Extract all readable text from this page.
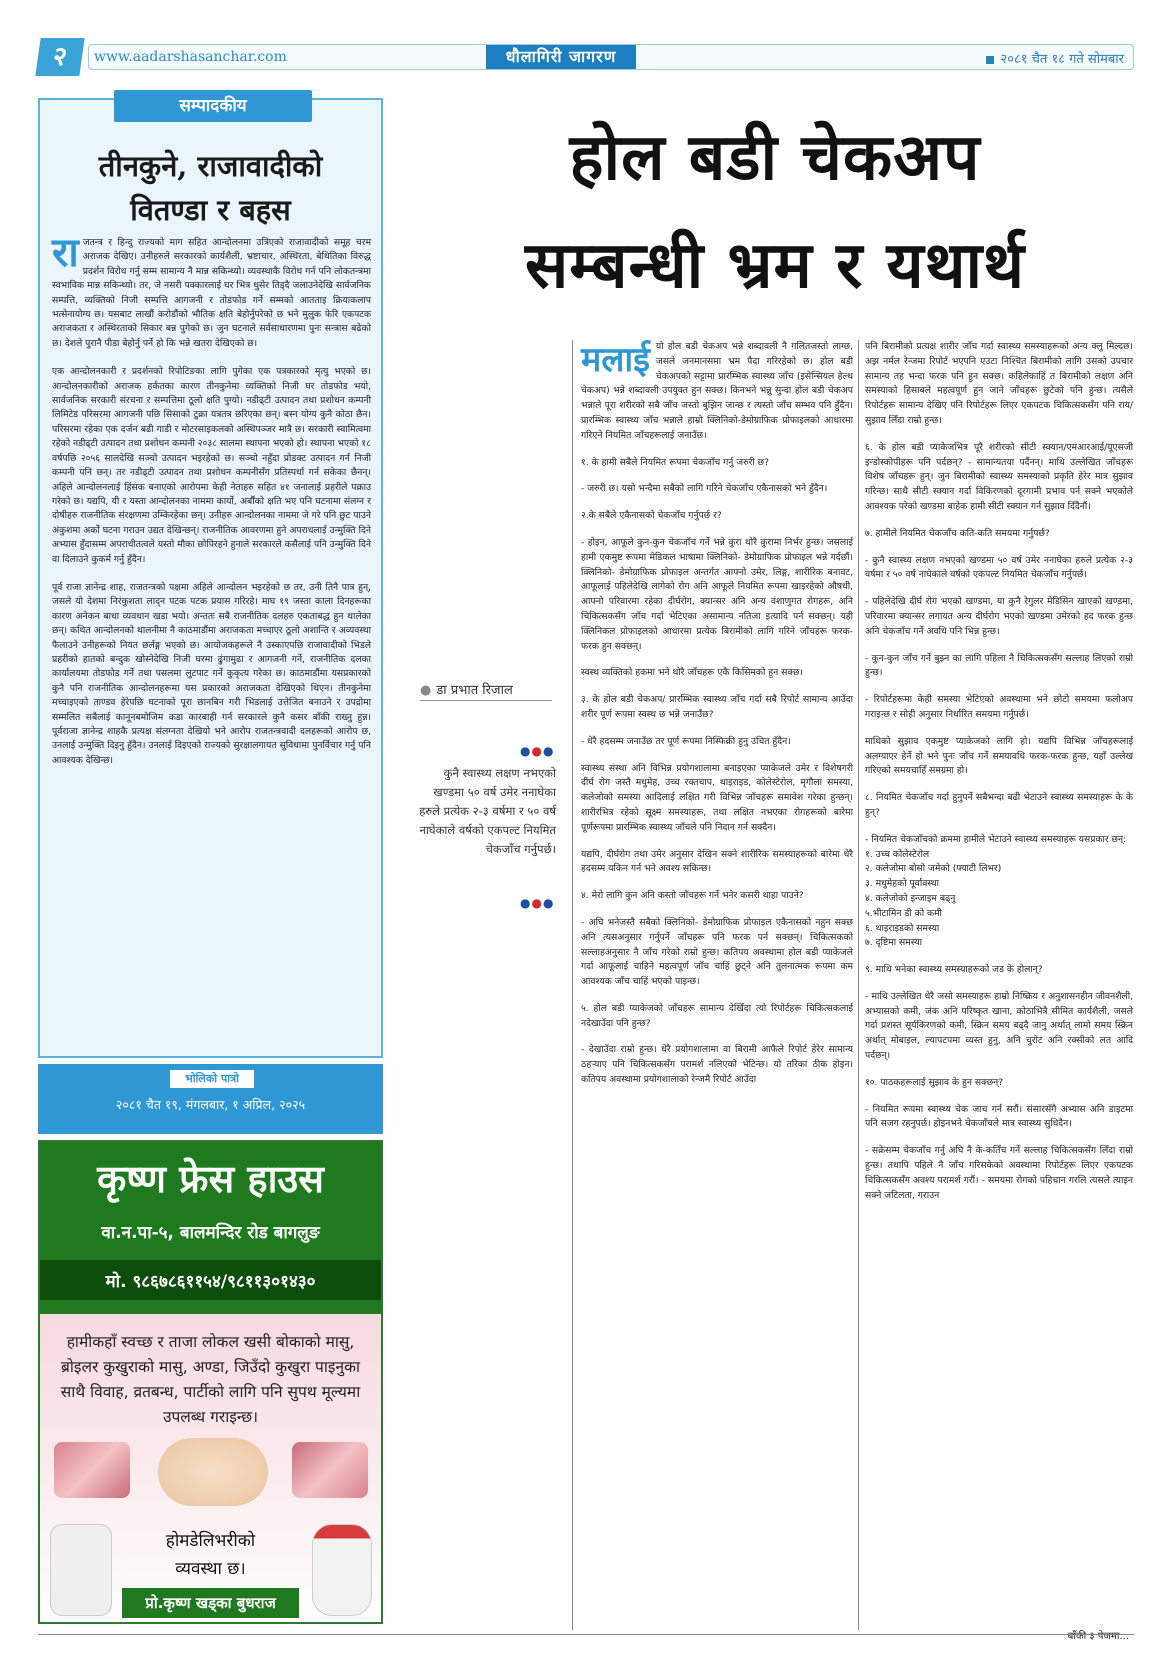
२	www.aadarshasanchar.com	धौलागिरी जागरण	२०८१ चैत १८ गते सोमबार
सम्पादकीय
तीनकुने, राजावादीको
वितण्डा र बहस

राजतन्त्र र हिन्दु राज्यको माग सहित आन्दोलनमा उत्रिएको राजावादीको समूह चरम अराजक देखिए। उनीहरुले सरकारको कार्यशैली, भ्रष्टाचार, अस्थिरता, बेथितिका विरुद्ध प्रदर्शन विरोध गर्नु सम्म सामान्य नै मान्न सकिन्थ्यो। व्यवस्थाकै विरोध गर्न पनि लोकतन्त्रमा स्वभाविक मान्न सकिन्थ्यो। तर, जे नसरी पक्कारलाई घर भित्र धुसेर तिड्दै जलाउनेदेखि सार्वजनिक सम्पत्ति, व्यक्तिको निजी सम्पत्ति आगजनी र तोडफोड गर्ने सम्मको आतताइ क्रियाकलाप भत्सेनायोग्य छ। यसबाट लाखौं करोडौंको भौतिक क्षति बेहोर्नुपरेको छ भने मुलुक फेरि एकपटक अराजकता र अस्थिरताको सिकार बन्न पुगेको छ। जुन घटनाले सर्वसाधारणमा पुनः सन्त्रास बढेको छ। देशले पुरानै पीडा बेहोर्नु पर्ने हो कि भन्ने खतरा देखिएको छ।

एक आन्दोलनकारी र प्रदर्शनको रिपोटिङका लागि पुगेका एक पत्रकारको मृत्यु भएको छ। आन्दोलनकारीको अराजक हर्कतका कारण तीनकुनेमा व्यक्तिको निजी घर तोडफोड भयो, सार्वजनिक सरकारी संरचना र सम्पत्तिमा ठूलो क्षति पुग्यो। नडीढ्टी उत्पादन तथा प्रशोधन कम्पनी लिमिटेड परिसरमा आगजनी पछि सिसाको टुक्रा यत्रतत्र छरिएका छन्। बस्न योग्य कुनै कोठा छैन। परिसरमा रहेका एक दर्जन बढी गाडी र मोटरसाइकलको अस्थिपञ्जर मात्रै छ। सरकारी स्वामित्वमा रहेको नडीढ्टी उत्पादन तथा प्रशोधन कम्पनी २०३८ सालमा स्थापना भएको हो। स्थापना भएको १८ वर्षपछि २०५६ सालदेखि सञ्चो उत्पादन भइरहेको छ। सञ्चो नहुँदा प्रोडक्ट उत्पादन गर्न निजी कम्पनी पनि छन्। तर नडीढ्टी उत्पादन तथा प्रशोधन कम्पनीसँग प्रतिस्पर्धा गर्न सकेका छैनन्। अहिले आन्दोलनलाई हिंसक बनाएको आरोपमा केही नेताहरु सहित ४१ जनालाई प्रहरीले पक्राउ गरेको छ। यद्यपि, यी र यस्ता आन्दोलनका नाममा कार्यो, अर्बौंको क्षति भए पनि घटनामा संलग्न र दोषीहरु राजनीतिक संरक्षणमा उम्किरहेका छन्। उनीहरु आन्दोलनका नाममा जे गरे पनि छुट पाउने अंकुशमा अर्को घटना गराउन उद्यत देखिन्छन्। राजनीतिक आवरणमा हुने अपराधलाई उन्मुक्ति दिने अभ्यास हुँदासम्म अपराधीतत्वले यस्तो मौका छोपिरहने हुनाले सरकारले कसैलाई पनि उन्मुक्ति दिने वा दिलाउने कुकर्म गर्नु हुँदैन।

पूर्व राजा ज्ञानेन्द्र शाह, राजतन्त्रको पक्षमा अहिले आन्दोलन भइरहेको छ तर, उनी तिनै पात्र हुन्, जसले यो देशमा निरंकुशता लाद्न पटक पटक प्रयास गरिरहे। माघ १९ जस्ता काला दिनहरूका कारण अनेकन बाधा व्यवधान खडा भयो। अन्ततः सबै राजनीतिक दलहरु एकताबद्ध हुन थालेका छन्। कथित आन्दोलनको थालनीमा नै काठमाडौंमा अराजकता मच्चाएर ठूलो अशान्ति र अव्यवस्था फैलाउने उनीहरूको नियत छर्लङ्ग भएको छ। आयोजकहरूले नै उस्काएपछि राजावादीको भिडले प्रहरीको हातको बन्दुक खोस्नेदेखि निजी घरमा ढुंगामुढा र आगजनी गर्ने, राजनीतिक दलका कार्यालयमा तोडफोड गर्ने तथा पसलमा लुटपाट गर्ने कुकृत्य गरेका छ। काठमाडौंमा यसप्रकारको कुनै पनि राजनीतिक आन्दोलनहरूमा यस प्रकारको अराजकता देखिएको थिएन। तीनकुनेमा मच्चाइएको ताण्डव हेरेपछि घटनाको पूरा छानबिन गरी भिडलाई उत्तेजित बनाउने र उपद्रोमा सम्मलित सबैलाई कानूनबमोजिम कडा कारबाही गर्न सरकारले कुनै कसर बाँकी राख्नु हुन्न। पूर्वराजा ज्ञानेन्द्र शाहकै प्रत्यक्ष संलग्नता देखियो भने आरोप राजतन्त्रवादी दलहरूको आरोप छ, उनलाई उन्मुक्ति दिइनु हुँदैन। उनलाई दिइएको राज्यको सुरक्षालगायत सुविधामा पुनर्विचार गर्नु पनि आवश्यक देखिन्छ।

भोलिको पात्रो
२०८१ चैत १९, मंगलबार, १ अप्रिल, २०२५
कृष्ण फ्रेस हाउस
वा.न.पा-५, बालमन्दिर रोड बागलुङ
मो. ९८६७८६११५४/९८११३०१४३०
हामीकहाँ स्वच्छ र ताजा लोकल खसी बोकाको मासु, ब्रोइलर कुखुराको मासु, अण्डा, जिउँदो कुखुरा पाइनुका साथै विवाह, व्रतबन्ध, पार्टीको लागि पनि सुपथ मूल्यमा उपलब्ध गराइन्छ।
होमडेलिभरीको
व्यवस्था छ।
प्रो.कृष्ण खड्का बुधराज
होल बडी चेकअप
सम्बन्धी भ्रम र यथार्थ
● डा प्रभात रिजाल
●●●
कुनै स्वास्थ्य लक्षण नभएको खण्डमा ५० वर्ष उमेर ननाघेका हरुले प्रत्येक २-३ वर्षमा र ५० वर्ष नाघेकाले वर्षको एकपल्ट नियमित चेकजाँच गर्नुपर्छ।
●●●

मलाई यो होल बडी चेकअप भन्ने शब्दावली नै गलितजस्तो लाग्छ, जसले जनमानसमा भ्रम पैदा गरिरहेको छ। होल बडी चेकअपको सट्टामा प्रारम्भिक स्वास्थ्य जाँच (इसेन्सियल हेल्थ चेकअप) भन्ने शब्दावली उपयुक्त हुन सक्छ। किनभने भन्नु सुन्दा होल बडी चेकअप भन्नाले पूरा शरीरको सबै जाँच जस्तो बुझिन जान्छ र त्यस्तो जाँच सम्भव पनि हुँदैन। प्रारम्भिक स्वास्थ्य जाँच भन्नाले हाम्रो क्लिनिको-डेमोग्राफिक प्रोफाइलको आधारमा गरिएने नियमित जाँचहरूलाई जनाउँछ।

१. के हामी सबैले नियमित रूपमा चेकजाँच गर्नु जरुरी छ?

- जरुरी छ। यसो भन्दैमा सबैको लागि गरिने चेकजाँच एकैनासको भने हुँदैन।

२.के सबैले एकैनासको चेकजाँच गर्नुपर्छ र?

- होइन, आफूले कुन-कुन चेकजाँच गर्ने भन्ने कुरा थोरै कुरामा निर्भर हुन्छ। जसलाई हामी एकमुष्ट रूपमा मेडिकल भाषामा क्लिनिको- डेमोग्राफिक प्रोफाइल भन्ने गर्दछौं। क्लिनिको- डेमोग्राफिक प्रोफाइल अन्तर्गत आफ्नो उमेर, लिङ्ग, शारीरिक बनावट, आफूलाई पहिलेदेखि लागेको रोग अनि आफूले नियमित रूपमा खाइरहेको औषधी, आफ्नो परिवारमा रहेका दीर्घरोग, क्यान्सर अनि अन्य वंशाणुगत रोगहरू, अनि चिकित्सकसँग जाँच गर्दा भेटिएका असामान्य नतिजा इत्यादि पर्न सक्छन्। यही क्लिनिकल प्रोफाइलको आधारमा प्रत्येक बिरामीको लागि गरिने जाँचहरू फरक- फरक हुन सक्छन्।

स्वस्थ व्यक्तिको हकमा भने थोरै जाँचहरू एकै किसिमको हुन सक्छ।

३. के होल बडी चेकअप/ प्रारम्भिक स्वास्थ्य जाँच गर्दा सबै रिपोर्ट सामान्य आउँदा शरीर पूर्ण रूपमा स्वस्थ छ भन्ने जनाउँछ?

- धेरै हदसम्म जनाउँछ तर पूर्ण रूपमा निस्फिक्री हुनु उचित हुँदैन।

स्वास्थ्य संस्था अनि विभिन्न प्रयोगशालामा बनाइएका प्याकेजले उमेर र विशेषगरी दीर्घ रोग जस्तै मधुमेह, उच्च रक्तचाप, थाइराइड, कोलेस्टेरोल, मृगौला समस्या, कलेजोको समस्या आदिलाई लक्षित गरी विभिन्न जाँचहरू समावेश गरेका हुन्छन्। शारीरभित्र रहेको सूक्ष्म समस्याहरू, तथा लक्षित नभएका रोगहरूको बारेमा पूर्णरूपमा प्रारम्भिक स्वास्थ्य जाँचले पनि निदान गर्न सक्दैन।

यद्यपि, दीर्घरोग तथा उमेर अनुसार देखिन सक्ने शारीरिक समस्याहरूको बारेमा धेरै हदसम्म यकिन गर्न भने अवश्य सकिन्छ।

४. मेरो लागि कुन अनि कस्तो जाँचहरू गर्ने भनेर कसरी थाहा पाउने?

- अघि भनेजस्तै सबैको क्लिनिको- डेमोग्राफिक प्रोफाइल एकैनासको नहुन सक्छ अनि त्यसअनुसार गर्नुपर्ने जाँचहरू पनि फरक पर्न सक्छन्। चिकित्सकको सल्लाहअनुसार नै जाँच गरेको राम्रो हुन्छ। कतिपय अवस्थामा होल बडी प्याकेजले गर्दा आफूलाई चाहिने महत्वपूर्ण जाँच चाहिं छुट्ने अनि तुलनात्मक रूपमा कम आवश्यक जाँच चाहिं भएको पाइन्छ।

५. होल बडी प्याकेजको जाँचहरू सामान्य देखिँदा त्यो रिपोर्टहरू चिकित्सकलाई नदेखाउँदा पनि हुन्छ?

- देखाउँदा राम्रो हुन्छ। धेरै प्रयोगशालामा वा बिरामी आफैले रिपोर्ट हेरेर सामान्य ठहर्‍याए पनि चिकित्सकसँग परामर्श नलिएको भेटिन्छ। यो तरिका ठीक होइन। कतिपय अवस्थामा प्रयोगशालाको रेन्जमै रिपोर्ट आउँदा

पनि बिरामीको प्रत्यक्ष शारीर जाँच गर्दा स्वास्थ्य समस्याहरूको अन्य क्लु मिल्दछ। अझ नर्मल रेन्जमा रिपोर्ट भएपनि एउटा निश्चित बिरामीको लागि उसको उपचार सामान्य तह भन्दा फरक पनि हुन सक्छ। कहिलेकाहिं त बिरामीको लक्षण अनि समस्याको हिसाबले महत्वपूर्ण हुन जाने जाँचहरू छुटेको पनि हुन्छ। त्यसैले रिपोर्टहरू सामान्य देखिए पनि रिपोर्टहरू लिएर एकपटक चिकित्सकसँग पनि राय/सुझाव लिँदा राम्रो हुन्छ।

६. के होल बडी प्याकेजभित्र पूरै शरीरको सीटी स्क्यान/एमआरआई/यूएसजी इन्डोस्कोपीहरू पनि पर्दछन्? - सामान्यतया पर्दैनन्। माथि उल्लेखित जाँचहरू विशेष जाँचहरू हुन्। जुन बिरामीको स्वास्थ्य समस्याको प्रकृति हेरेर मात्र सुझाव गरिन्छ। साथै सीटी स्क्यान गर्दा विकिरणको दूरगामी प्रभाव पर्न सक्ने भएकोले आवश्यक परेको खण्डमा बाहेक हामी सीटी स्क्यान गर्न सुझाव दिँदैनौं।

७. हामीले नियमित चेकजाँच कति-कति समयमा गर्नुपर्छ?

- कुनै स्वास्थ्य लक्षण नभएको खण्डमा ५० वर्ष उमेर ननाघेका हरुले प्रत्येक २-३ वर्षमा र ५० वर्ष नाघेकाले वर्षको एकपल्ट नियमित चेकजाँच गर्नुपर्छ।

- पहिलेदेखि दीर्घ रोग भएको खण्डमा, या कुनै रेगुलर मेडिसिन खाएको खण्डमा, परिवारमा क्यान्सर लगायत अन्य दीर्घरोग भएको खण्डमा उमेरको हद फरक हुन्छ अनि चेकजाँच गर्ने अवधि पनि भिन्न हुन्छ।

- कुन-कुन जाँच गर्ने बुझ्न का लागि पहिला नै चिकित्सकसँग सल्लाह लिएको राम्रो हुन्छ।

- रिपोर्टहरूमा केही समस्या भेटिएको अवस्थामा भने छोटो समयमा फलोअप गराइन्छ र सोही अनुसार निर्धारित समयमा गर्नुपर्छ।

माथिको सुझाव एकमुष्ट प्याकेजको लागि हो। यद्यपि विभिन्न जाँचहरूलाई अलग्याएर हेर्ने हो भने पुनः जाँच गर्ने समयावधि फरक-फरक हुन्छ, यहाँ उल्लेख गरिएको समयचाहिँ समग्रमा हो।

८. नियमित चेकजाँच गर्दा हुनुपर्ने सबैभन्दा बढी भेटाउने स्वास्थ्य समस्याहरू के के हुन्?

- नियमित चेकजाँचको क्रममा हामीले भेटाउने स्वास्थ्य समस्याहरू यसप्रकार छन्:
१. उच्च कोलेस्टेरोल
२. कलेजोमा बोसो जमेको (फ्याटी लिभर)
३. मधुमेहको पूर्वावस्था
४. कलेजोको इन्जाइम बढ्नु
५.भीटामिन डी को कमी
६. थाइराइडको समस्या
७. दृष्टिमा समस्या

९. माथि भनेका स्वास्थ्य समस्याहरूको जड के होलान्?

- माथि उल्लेखित धेरै जसो समस्याहरू हाम्रो निष्क्रिय र अनुशासनहीन जीवनशैली, अभ्यासको कमी, जंक अनि परिष्कृत खाना, कोठाभित्रै सीमित कार्यशैली, जसले गर्दा प्रशस्त सूर्यकिरणको कमी, स्क्रिन समय बढ्दै जानु अर्थात् लामो समय स्क्रिन अर्थात् मोबाइल, ल्यापटपमा व्यस्त हुनु, अनि चुरोट अनि रक्सीको लत आदि पर्दछन्।

१०. पाठकहरूलाई सुझाव के हुन सक्छन्?

- नियमित रूपमा स्वास्थ्य चेक जाच गर्न सरौं। संसारसँगै अभ्यास अनि डाइटमा पनि सजग रहनुपर्छ। होइनभने चेकजाँचले मात्र स्वास्थ्य सुधिदैन।

- सक्रेसम्म चेकजाँच गर्नु अघि नै के-कतिँच गर्ने सल्लाह चिकित्सकसँग लिँदा राम्रो हुन्छ। तथापि पहिले नै जाँच गरिसकेको अवस्थामा रिपोर्टहरू लिएर एकपटक चिकित्सकसँग अवश्य परामर्श गरौं। - समयमा रोगको पहिचान गरलि त्यसले त्याइन सक्ने जटिलता, गराउन

बाँकी ३ पेजमा...
